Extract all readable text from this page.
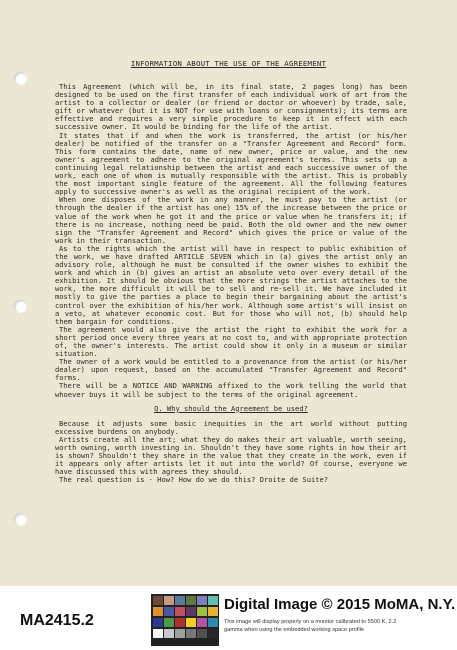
INFORMATION ABOUT THE USE OF THE AGREEMENT

This Agreement (which will be, in its final state, 2 pages long) has been designed to be used on the first transfer of each individual work of art from the artist to a collector or dealer (or friend or doctor or whoever) by trade, sale, gift or whatever (but it is NOT for use with loans or consignments); its terms are effective and requires a very simple procedure to keep it in effect with each successive owner. It would be binding for the life of the artist.

It states that if and when the work is transferred, the artist (or his/her dealer) be notified of the transfer on a "Transfer Agreement and Record" form. This form contains the date, name of new owner, price or value, and the new owner's agreement to adhere to the original agreement's terms. This sets up a continuing legal relationship between the artist and each successive owner of the work, each one of whom is mutually responsible with the artist. This is probably the most important single feature of the agreement. All the following features apply to successive owner's as well as the original recipient of the work.

When one disposes of the work in any manner, he must pay to the artist (or through the dealer if the artist has one) 15% of the increase between the price or value of the work when he got it and the price or value when he transfers it; if there is no increase, nothing need be paid. Both the old owner and the new owner sign the "Transfer Agreement and Record" which gives the price or value of the work in their transaction.

As to the rights which the artist will have in respect to public exhibition of the work, we have drafted ARTICLE SEVEN which in (a) gives the artist only an advisory role, although he must be consulted if the owner wishes to exhibit the work and which in (b) gives an artist an absolute veto over every detail of the exhibition. It should be obvious that the more strings the artist attaches to the work, the more difficult it will be to sell and re-sell it. We have included it mostly to give the parties a place to begin their bargaining about the artist's control over the exhibition of his/her work. Although some artist's will insist on a veto, at whatever economic cost. But for those who will not, (b) should help them bargain for conditions.

The agreement would also give the artist the right to exhibit the work for a short period once every three years at no cost to, and with appropriate protection of, the owner's interests. The artist could show it only in a museum or similar situation.

The owner of a work would be entitled to a provenance from the artist (or his/her dealer) upon request, based on the accumulated "Transfer Agreement and Record" forms.

There will be a NOTICE AND WARNING affixed to the work telling the world that whoever buys it will be subject to the terms of the original agreement.

Q. Why should the Agreement be used?

Because it adjusts some basic inequities in the art world without putting excessive burdens on anybody.

Artists create all the art; what they do makes their art valuable, worth seeing, worth owning, worth investing in. Shouldn't they have some rights in how their art is shown? Shouldn't they share in the value that they create in the work, even if it appears only after artists let it out into the world? Of course, everyone we have discussed this with agrees they should.

The real question is - How? How do we do this? Droite de Suite?

MA2415.2
Digital Image © 2015 MoMA, N.Y.
This image will display properly on a monitor calibrated to 5500 K, 2.2
gamma when using the embedded working space profile
